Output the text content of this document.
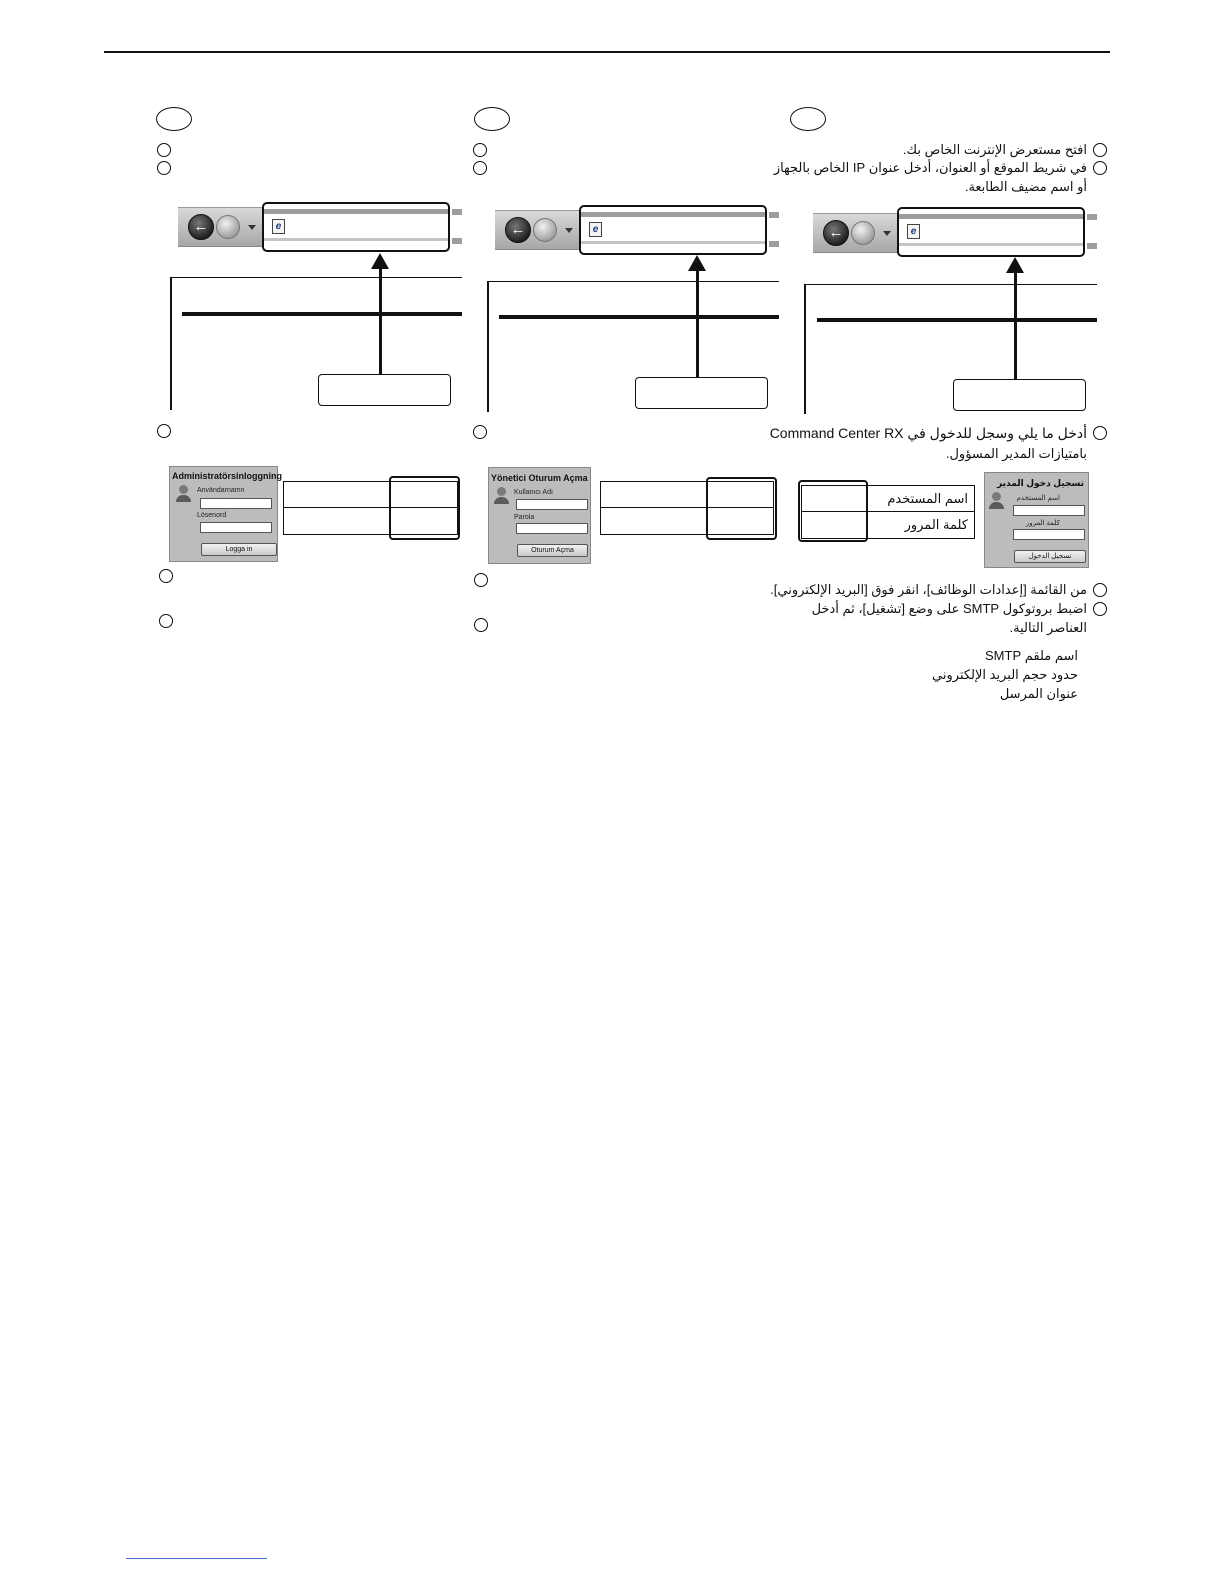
←	e
Administratörsinloggning
Användarnamn
Lösenord
Logga in
←	e
Yönetici Oturum Açma
Kullanıcı Adı
Parola
Oturum Açma
افتح مستعرض الإنترنت الخاص بك.
في شريط الموقع أو العنوان، أدخل عنوان IP الخاص بالجهاز
أو اسم مضيف الطابعة.
←	e
أدخل ما يلي وسجل للدخول في Command Center RX
بامتيازات المدير المسؤول.
اسم المستخدم
كلمة المرور
تسجيل دخول المدير
اسم المستخدم
كلمة المرور
تسجيل الدخول
من القائمة [إعدادات الوظائف]، انقر فوق [البريد الإلكتروني].
اضبط بروتوكول SMTP على وضع [تشغيل]، ثم أدخل
العناصر التالية.
اسم ملقم SMTP
حدود حجم البريد الإلكتروني
عنوان المرسل
